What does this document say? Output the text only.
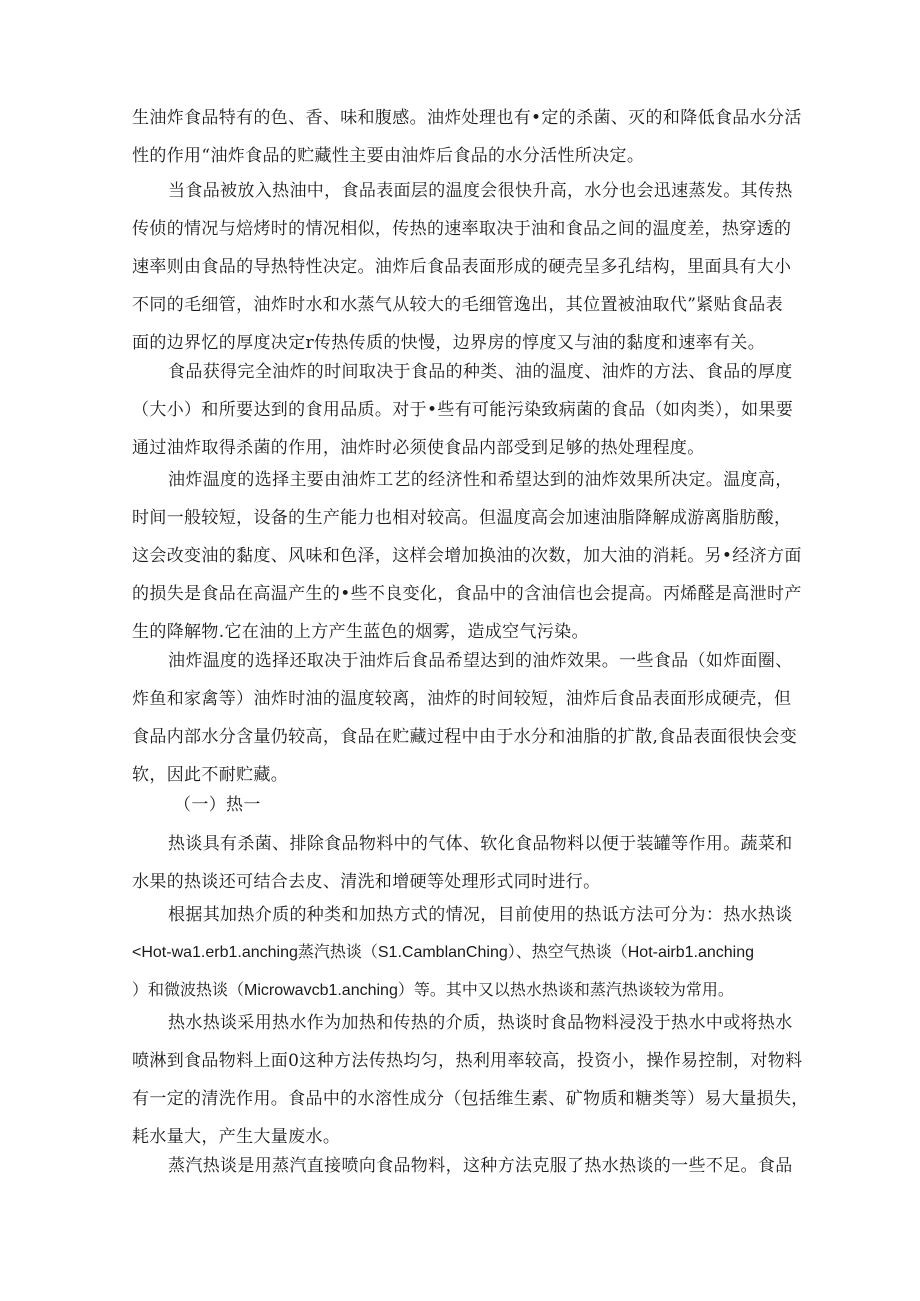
生油炸食品特有的色、香、味和腹感。油炸处理也有•定的杀菌、灭的和降低食品水分活
性的作用“油炸食品的贮藏性主要由油炸后食品的水分活性所决定。
当食品被放入热油中，食品表面层的温度会很快升高，水分也会迅速蒸发。其传热
传侦的情况与焙烤时的情况相似，传热的速率取决于油和食品之间的温度差，热穿透的
速率则由食品的导热特性决定。油炸后食品表面形成的硬壳呈多孔结构，里面具有大小
不同的毛细管，油炸时水和水蒸气从较大的毛细管逸出，其位置被油取代”紧贴食品表
面的边界忆的厚度决定r传热传质的快慢，边界房的惇度又与油的黏度和速率有关。
食品获得完全油炸的时间取决于食品的种类、油的温度、油炸的方法、食品的厚度
（大小）和所要达到的食用品质。对于•些有可能污染致病菌的食品（如肉类），如果要
通过油炸取得杀菌的作用，油炸时必须使食品内部受到足够的热处理程度。
油炸温度的选择主要由油炸工艺的经济性和希望达到的油炸效果所决定。温度高，
时间一般较短，设备的生产能力也相对较高。但温度高会加速油脂降解成游离脂肪酸，
这会改变油的黏度、风味和色泽，这样会增加换油的次数，加大油的消耗。另•经济方面
的损失是食品在高温产生的•些不良变化，食品中的含油信也会提高。丙烯醛是高泄时产
生的降解物.它在油的上方产生蓝色的烟雾，造成空气污染。
油炸温度的选择还取决于油炸后食品希望达到的油炸效果。一些食品（如炸面圈、
炸鱼和家禽等）油炸时油的温度较离，油炸的时间较短，油炸后食品表面形成硬壳，但
食品内部水分含量仍较高，食品在贮藏过程中由于水分和油脂的扩散,食品表面很快会变
软，因此不耐贮藏。
（一）热一
热谈具有杀菌、排除食品物料中的气体、软化食品物料以便于装罐等作用。蔬菜和
水果的热谈还可结合去皮、清洗和增硬等处理形式同时进行。
根据其加热介质的种类和加热方式的情况，目前使用的热诋方法可分为：热水热谈
<Hot-wa1.erb1.anching蒸汽热谈（S1.CamblanChing）、热空气热谈（Hot-airb1.anching
）和微波热谈（Microwavcb1.anching）等。其中又以热水热谈和蒸汽热谈较为常用。
热水热谈采用热水作为加热和传热的介质，热谈时食品物料浸没于热水中或将热水
喷淋到食品物料上面0这种方法传热均匀，热利用率较高，投资小，操作易控制，对物料
有一定的清洗作用。食品中的水溶性成分（包括维生素、矿物质和糖类等）易大量损失，
耗水量大，产生大量废水。
蒸汽热谈是用蒸汽直接喷向食品物料，这种方法克服了热水热谈的一些不足。食品
